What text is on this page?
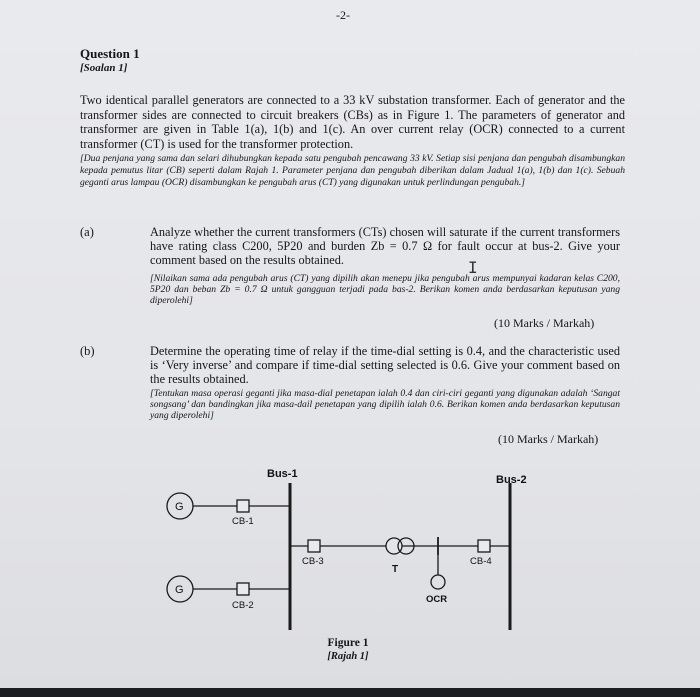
-2-
Question 1
[Soalan 1]
Two identical parallel generators are connected to a 33 kV substation transformer. Each of generator and the transformer sides are connected to circuit breakers (CBs) as in Figure 1. The parameters of generator and transformer are given in Table 1(a), 1(b) and 1(c). An over current relay (OCR) connected to a current transformer (CT) is used for the transformer protection.
[Dua penjana yang sama dan selari dihubungkan kepada satu pengubah pencawang 33 kV. Setiap sisi penjana dan pengubah disambungkan kepada pemutus litar (CB) seperti dalam Rajah 1. Parameter penjana dan pengubah diberikan dalam Jadual 1(a), 1(b) dan 1(c). Sebuah geganti arus lampau (OCR) disambungkan ke pengubah arus (CT) yang digunakan untuk perlindungan pengubah.]
(a)	Analyze whether the current transformers (CTs) chosen will saturate if the current transformers have rating class C200, 5P20 and burden Zb = 0.7 Ω for fault occur at bus-2. Give your comment based on the results obtained.
[Nilaikan sama ada pengubah arus (CT) yang dipilih akan menepu jika pengubah arus mempunyai kadaran kelas C200, 5P20 dan beban Zb = 0.7 Ω untuk gangguan terjadi pada bas-2. Berikan komen anda berdasarkan keputusan yang diperolehi]
(10 Marks / Markah)
I
(b)	Determine the operating time of relay if the time-dial setting is 0.4, and the characteristic used is ‘Very inverse’ and compare if time-dial setting selected is 0.6. Give your comment based on the results obtained.
[Tentukan masa operasi geganti jika masa-dial penetapan ialah 0.4 dan ciri-ciri geganti yang digunakan adalah ‘Sangat songsang’ dan bandingkan jika masa-dail penetapan yang dipilih ialah 0.6. Berikan komen anda berdasarkan keputusan yang diperolehi]
(10 Marks / Markah)
Bus-1	Bus-2
G
G
CB-1
CB-2
CB-3	CB-4
T
OCR
Figure 1
[Rajah 1]
